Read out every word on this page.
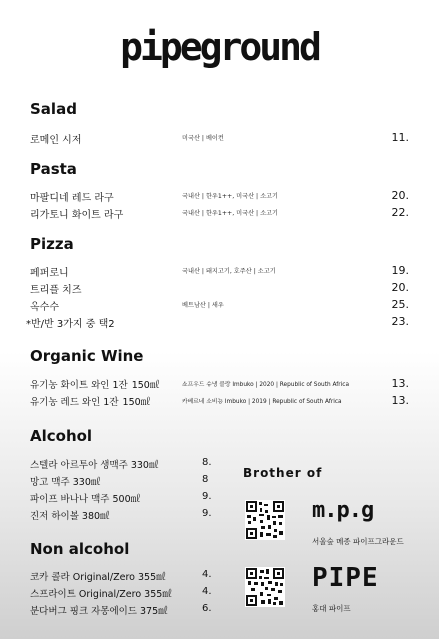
pipeground
Salad
로메인 시저	미국산 | 베이컨	11.
Pasta
마팔디네 레드 라구	국내산 | 한우1++, 미국산 | 소고기	20.
리가토니 화이트 라구	국내산 | 한우1++, 미국산 | 소고기	22.
Pizza
페퍼로니	국내산 | 돼지고기, 호주산 | 소고기	19.
트리플 치즈	20.
옥수수	베트남산 | 새우	25.
*반/반 3가지 중 택2	23.
Organic Wine
유기농 화이트 와인 1잔 150㎖	쇼프우드 슈냉 블랑 Imbuko | 2020 | Republic of South Africa	13.
유기농 레드 와인 1잔 150㎖	카베르네 소비뇽 Imbuko | 2019 | Republic of South Africa	13.
Alcohol
스텔라 아르투아 생맥주 330㎖	8.
망고 맥주 330㎖	8
파이프 바나나 맥주 500㎖	9.
진저 하이볼 380㎖	9.
Non alcohol
코카 콜라 Original/Zero 355㎖	4.
스프라이트 Original/Zero 355㎖	4.
분다버그 핑크 자몽에이드 375㎖	6.
Brother of
m.p.g
서울숲 메종 파이프그라운드
PIPE
홍대 파이프
